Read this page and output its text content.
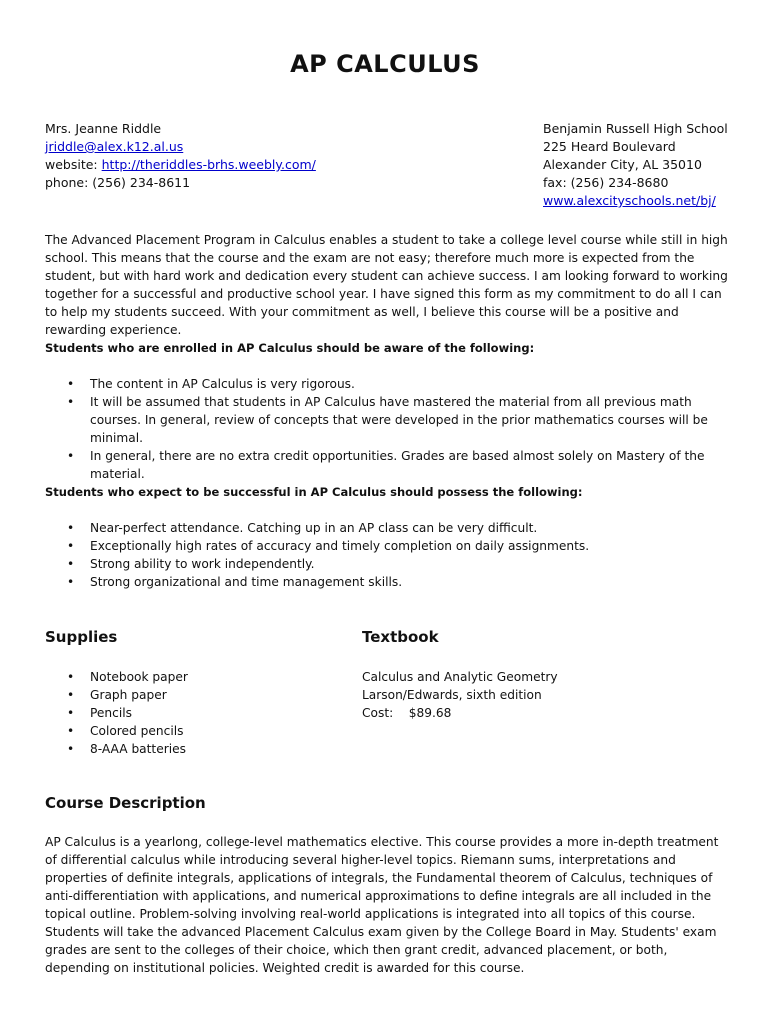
AP CALCULUS
Mrs. Jeanne Riddle
jriddle@alex.k12.al.us
website: http://theriddles-brhs.weebly.com/
phone: (256) 234-8611
Benjamin Russell High School
225 Heard Boulevard
Alexander City, AL 35010
fax: (256) 234-8680
www.alexcityschools.net/bj/

The Advanced Placement Program in Calculus enables a student to take a college level course while still in high school. This means that the course and the exam are not easy; therefore much more is expected from the student, but with hard work and dedication every student can achieve success. I am looking forward to working together for a successful and productive school year. I have signed this form as my commitment to do all I can to help my students succeed. With your commitment as well, I believe this course will be a positive and rewarding experience.

Students who are enrolled in AP Calculus should be aware of the following:

• The content in AP Calculus is very rigorous.
• It will be assumed that students in AP Calculus have mastered the material from all previous math courses. In general, review of concepts that were developed in the prior mathematics courses will be minimal.
• In general, there are no extra credit opportunities. Grades are based almost solely on Mastery of the material.

Students who expect to be successful in AP Calculus should possess the following:

• Near-perfect attendance. Catching up in an AP class can be very difficult.
• Exceptionally high rates of accuracy and timely completion on daily assignments.
• Strong ability to work independently.
• Strong organizational and time management skills.
Supplies
• Notebook paper
• Graph paper
• Pencils
• Colored pencils
• 8-AAA batteries
Textbook
Calculus and Analytic Geometry
Larson/Edwards, sixth edition
Cost: $89.68
Course Description

AP Calculus is a yearlong, college-level mathematics elective. This course provides a more in-depth treatment of differential calculus while introducing several higher-level topics. Riemann sums, interpretations and properties of definite integrals, applications of integrals, the Fundamental theorem of Calculus, techniques of anti-differentiation with applications, and numerical approximations to define integrals are all included in the topical outline. Problem-solving involving real-world applications is integrated into all topics of this course. Students will take the advanced Placement Calculus exam given by the College Board in May. Students' exam grades are sent to the colleges of their choice, which then grant credit, advanced placement, or both, depending on institutional policies. Weighted credit is awarded for this course.
